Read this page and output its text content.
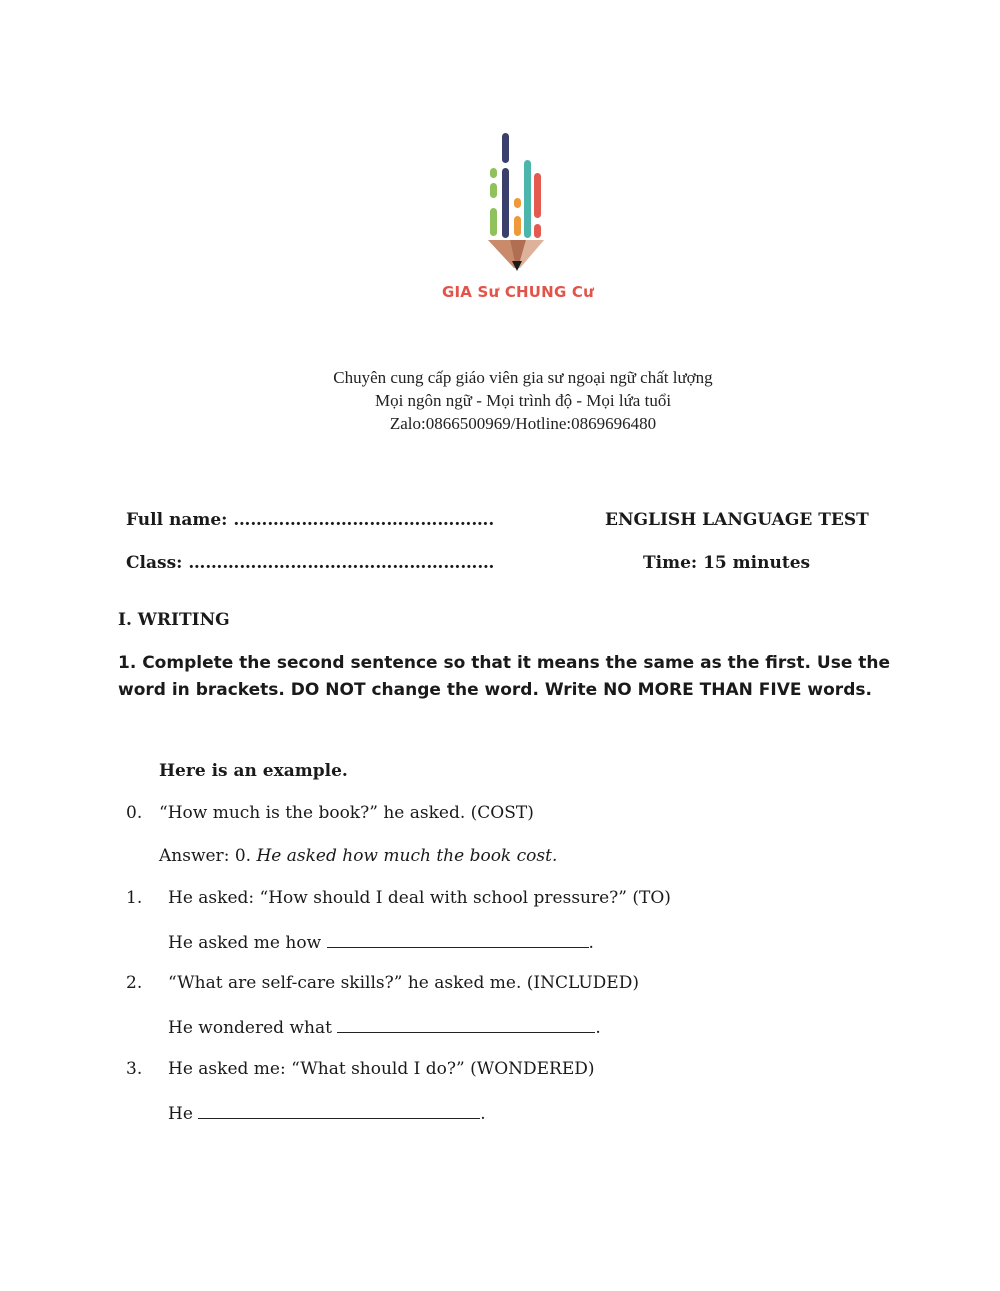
GIA Sư CHUNG Cư
Chuyên cung cấp giáo viên gia sư ngoại ngữ chất lượng
Mọi ngôn ngữ - Mọi trình độ - Mọi lứa tuổi
Zalo:0866500969/Hotline:0869696480
Full name: ……………………………………….	ENGLISH LANGUAGE TEST
Class: ………………………………………………	Time: 15 minutes
I. WRITING
1. Complete the second sentence so that it means the same as the first. Use the word in brackets. DO NOT change the word. Write NO MORE THAN FIVE words.
Here is an example.
0. “How much is the book?” he asked. (COST)
Answer: 0. He asked how much the book cost.
1. He asked: “How should I deal with school pressure?” (TO)
He asked me how	.
2. “What are self-care skills?” he asked me. (INCLUDED)
He wondered what	.
3. He asked me: “What should I do?” (WONDERED)
He	.
